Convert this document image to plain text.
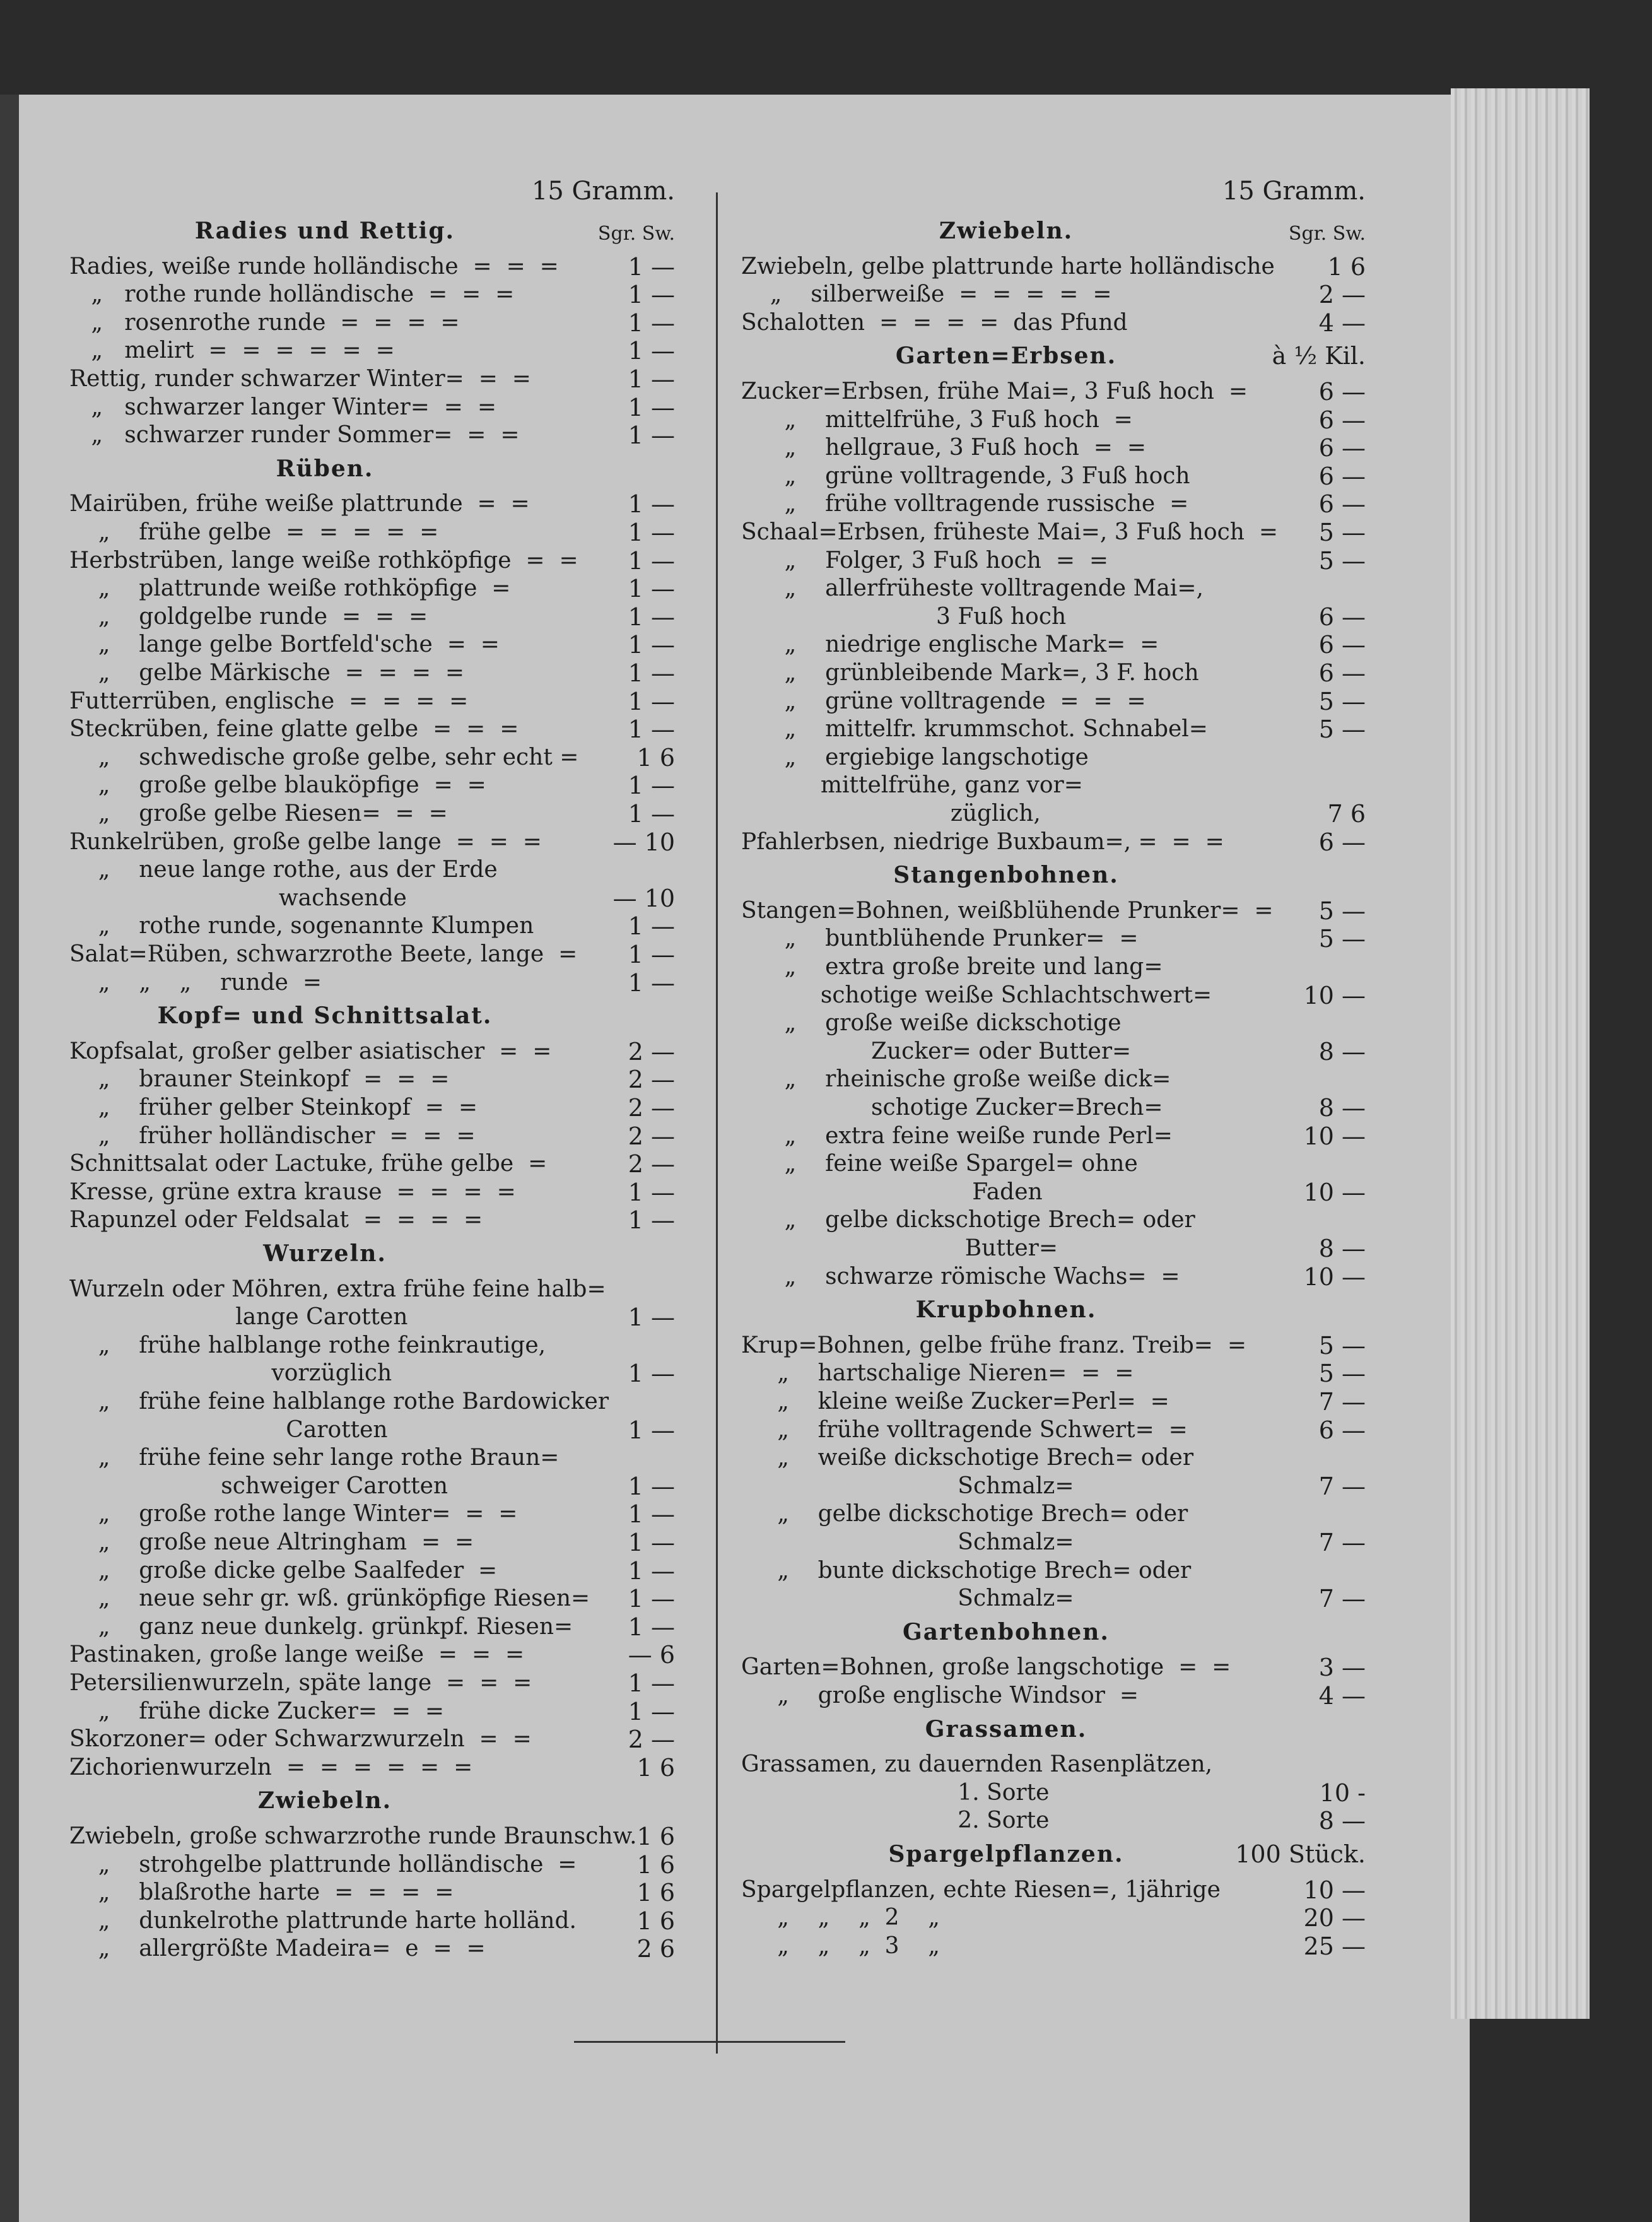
15 Gramm.
Radies und Rettig.	Sgr. Sw.
Radies, weiße runde holländische  =  =  =	1 —
„   rothe runde holländische  =  =  =	1 —
„   rosenrothe runde  =  =  =  =	1 —
„   melirt  =  =  =  =  =  =	1 —
Rettig, runder schwarzer Winter=  =  =	1 —
„   schwarzer langer Winter=  =  =	1 —
„   schwarzer runder Sommer=  =  =	1 —
Rüben.
Mairüben, frühe weiße plattrunde  =  =	1 —
„    frühe gelbe  =  =  =  =  =	1 —
Herbstrüben, lange weiße rothköpfige  =  = 1 —
„    plattrunde weiße rothköpfige  =	1 —
„    goldgelbe runde  =  =  =	1 —
„    lange gelbe Bortfeld'sche  =  =	1 —
„    gelbe Märkische  =  =  =  =	1 —
Futterrüben, englische  =  =  =  =	1 —
Steckrüben, feine glatte gelbe  =  =  =	1 —
„    schwedische große gelbe, sehr echt = 1 6
„    große gelbe blauköpfige  =  =	1 —
„    große gelbe Riesen=  =  =	1 —
Runkelrüben, große gelbe lange  =  =  =	— 10
„    neue lange rothe, aus der Erde
wachsende	— 10
„    rothe runde, sogenannte Klumpen	1 —
Salat=Rüben, schwarzrothe Beete, lange  = 1 —
„    „    „    runde  =	1 —
Kopf= und Schnittsalat.
Kopfsalat, großer gelber asiatischer  =  =	2 —
„    brauner Steinkopf  =  =  =	2 —
„    früher gelber Steinkopf  =  =	2 —
„    früher holländischer  =  =  =	2 —
Schnittsalat oder Lactuke, frühe gelbe  =	2 —
Kresse, grüne extra krause  =  =  =  =	1 —
Rapunzel oder Feldsalat  =  =  =  =	1 —
Wurzeln.
Wurzeln oder Möhren, extra frühe feine halb=
lange Carotten	1 —
„    frühe halblange rothe feinkrautige,
vorzüglich	1 —
„    frühe feine halblange rothe Bardowicker
Carotten	1 —
„    frühe feine sehr lange rothe Braun=
schweiger Carotten	1 —
„    große rothe lange Winter=  =  =	1 —
„    große neue Altringham  =  =	1 —
„    große dicke gelbe Saalfeder  =	1 —
„    neue sehr gr. wß. grünköpfige Riesen= 1 —
„    ganz neue dunkelg. grünkpf. Riesen= 1 —
Pastinaken, große lange weiße  =  =  =	— 6
Petersilienwurzeln, späte lange  =  =  =	1 —
„    frühe dicke Zucker=  =  =	1 —
Skorzoner= oder Schwarzwurzeln  =  =	2 —
Zichorienwurzeln  =  =  =  =  =  =	1 6
Zwiebeln.
Zwiebeln, große schwarzrothe runde Braunschw. 1 6
„    strohgelbe plattrunde holländische  =	1 6
„    blaßrothe harte  =  =  =  =	1 6
„    dunkelrothe plattrunde harte holländ.	1 6
„    allergrößte Madeira=  e  =  =	2 6
15 Gramm.
Zwiebeln.	Sgr. Sw.
Zwiebeln, gelbe plattrunde harte holländische 1 6
„    silberweiße  =  =  =  =  =	2 —
Schalotten  =  =  =  =  das Pfund	4 —
Garten=Erbsen.	à ½ Kil.
Zucker=Erbsen, frühe Mai=, 3 Fuß hoch  =	6 —
„    mittelfrühe, 3 Fuß hoch  =	6 —
„    hellgraue, 3 Fuß hoch  =  =	6 —
„    grüne volltragende, 3 Fuß hoch	6 —
„    frühe volltragende russische  =	6 —
Schaal=Erbsen, früheste Mai=, 3 Fuß hoch  = 5 —
„    Folger, 3 Fuß hoch  =  =	5 —
„    allerfrüheste volltragende Mai=,
3 Fuß hoch	6 —
„    niedrige englische Mark=  =	6 —
„    grünbleibende Mark=, 3 F. hoch	6 —
„    grüne volltragende  =  =  =	5 —
„    mittelfr. krummschot. Schnabel=	5 —
„    ergiebige langschotige
mittelfrühe, ganz vor=
züglich,	7 6
Pfahlerbsen, niedrige Buxbaum=, =  =  =	6 —
Stangenbohnen.
Stangen=Bohnen, weißblühende Prunker=  = 5 —
„    buntblühende Prunker=  =	5 —
„    extra große breite und lang=
schotige weiße Schlachtschwert=	10 —
„    große weiße dickschotige
Zucker= oder Butter=	8 —
„    rheinische große weiße dick=
schotige Zucker=Brech=	8 —
„    extra feine weiße runde Perl=	10 —
„    feine weiße Spargel= ohne
Faden	10 —
„    gelbe dickschotige Brech= oder
Butter=	8 —
„    schwarze römische Wachs=  =	10 —
Krupbohnen.
Krup=Bohnen, gelbe frühe franz. Treib=  =	5 —
„    hartschalige Nieren=  =  =	5 —
„    kleine weiße Zucker=Perl=  =	7 —
„    frühe volltragende Schwert=  =	6 —
„    weiße dickschotige Brech= oder
Schmalz=	7 —
„    gelbe dickschotige Brech= oder
Schmalz=	7 —
„    bunte dickschotige Brech= oder
Schmalz=	7 —
Gartenbohnen.
Garten=Bohnen, große langschotige  =  =	3 —
„    große englische Windsor  =	4 —
Grassamen.
Grassamen, zu dauernden Rasenplätzen,
1. Sorte	10 -
2. Sorte	8 —
Spargelpflanzen.	100 Stück.
Spargelpflanzen, echte Riesen=, 1jährige	10 —
„    „    „  2    „	20 —
„    „    „  3    „	25 —
